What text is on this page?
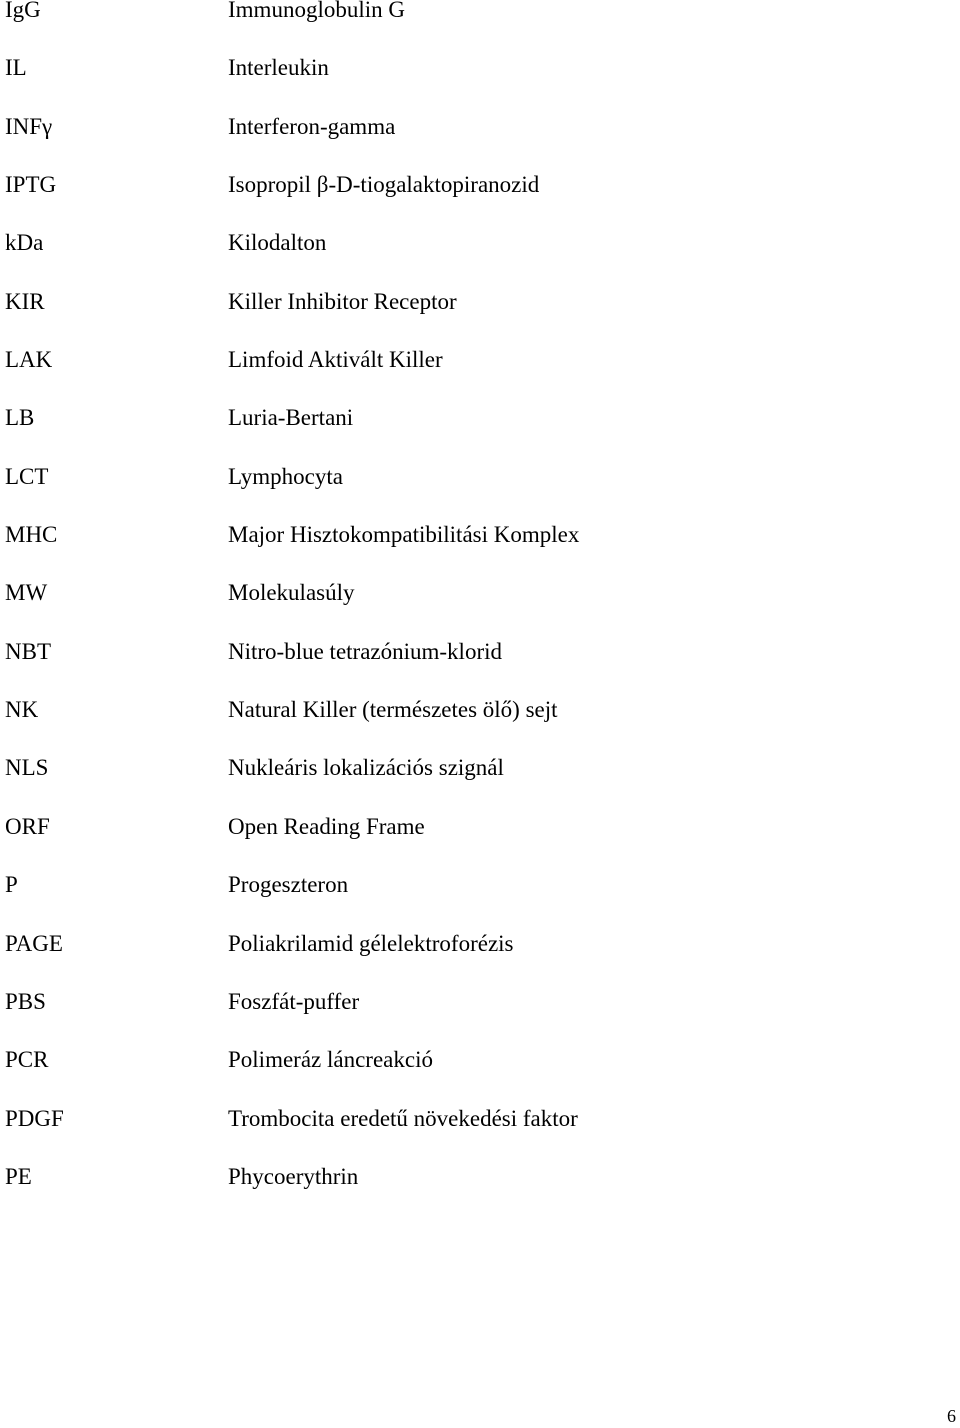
IgG	Immunoglobulin G
IL	Interleukin
INFγ	Interferon-gamma
IPTG	Isopropil β-D-tiogalaktopiranozid
kDa	Kilodalton
KIR	Killer Inhibitor Receptor
LAK	Limfoid Aktivált Killer
LB	Luria-Bertani
LCT	Lymphocyta
MHC	Major Hisztokompatibilitási Komplex
MW	Molekulasúly
NBT	Nitro-blue tetrazónium-klorid
NK	Natural Killer (természetes ölő) sejt
NLS	Nukleáris lokalizációs szignál
ORF	Open Reading Frame
P	Progeszteron
PAGE	Poliakrilamid gélelektroforézis
PBS	Foszfát-puffer
PCR	Polimeráz láncreakció
PDGF	Trombocita eredetű növekedési faktor
PE	Phycoerythrin
6
